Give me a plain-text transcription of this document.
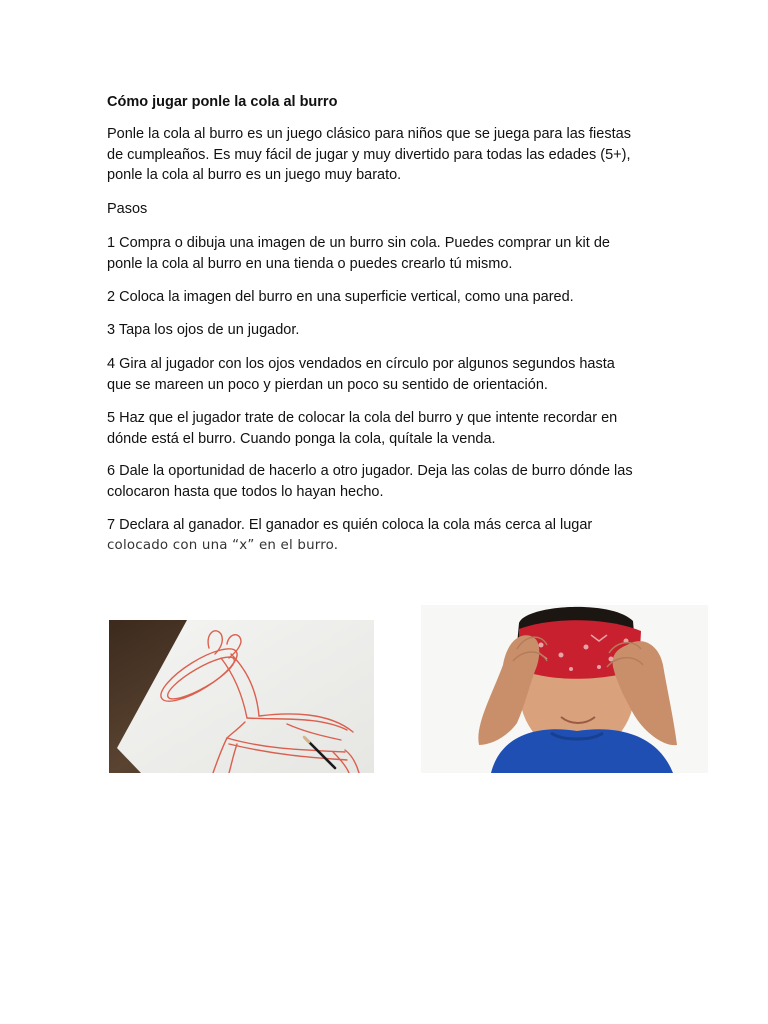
Cómo jugar ponle la cola al burro

Ponle la cola al burro es un juego clásico para niños que se juega para las fiestas
de cumpleaños. Es muy fácil de jugar y muy divertido para todas las edades (5+),
ponle la cola al burro es un juego muy barato.

Pasos

1 Compra o dibuja una imagen de un burro sin cola. Puedes comprar un kit de
ponle la cola al burro en una tienda o puedes crearlo tú mismo.

2 Coloca la imagen del burro en una superficie vertical, como una pared.

3 Tapa los ojos de un jugador.

4 Gira al jugador con los ojos vendados en círculo por algunos segundos hasta
que se mareen un poco y pierdan un poco su sentido de orientación.

5 Haz que el jugador trate de colocar la cola del burro y que intente recordar en
dónde está el burro. Cuando ponga la cola, quítale la venda.

6 Dale la oportunidad de hacerlo a otro jugador. Deja las colas de burro dónde las
colocaron hasta que todos lo hayan hecho.

7 Declara al ganador. El ganador es quién coloca la cola más cerca al lugar
colocado con una “x” en el burro.
